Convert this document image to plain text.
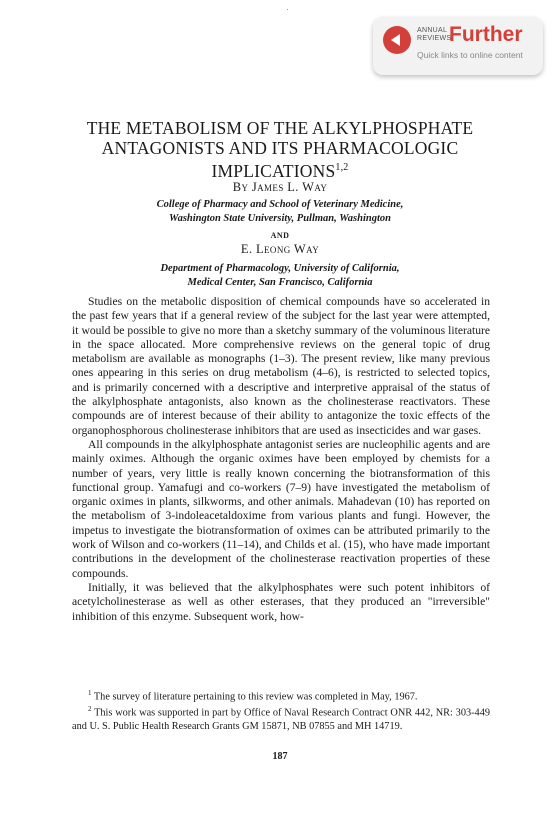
ANNUAL
REVIEWS
Further
Quick links to online content
THE METABOLISM OF THE ALKYLPHOSPHATE
ANTAGONISTS AND ITS PHARMACOLOGIC
IMPLICATIONS$^{1,2}$
By James L. Way
College of Pharmacy and School of Veterinary Medicine,
Washington State University, Pullman, Washington
AND
E. Leong Way
Department of Pharmacology, University of California,
Medical Center, San Francisco, California

Studies on the metabolic disposition of chemical compounds have so accelerated in the past few years that if a general review of the subject for the last year were attempted, it would be possible to give no more than a sketchy summary of the voluminous literature in the space allocated. More comprehensive reviews on the general topic of drug metabolism are available as monographs (1–3). The present review, like many previous ones appearing in this series on drug metabolism (4–6), is restricted to selected topics, and is primarily concerned with a descriptive and interpretive appraisal of the status of the alkylphosphate antagonists, also known as the cholinesterase reactivators. These compounds are of interest because of their ability to antagonize the toxic effects of the organophosphorous cholinesterase inhibitors that are used as insecticides and war gases.

All compounds in the alkylphosphate antagonist series are nucleophilic agents and are mainly oximes. Although the organic oximes have been employed by chemists for a number of years, very little is really known concerning the biotransformation of this functional group. Yamafugi and co-workers (7–9) have investigated the metabolism of organic oximes in plants, silkworms, and other animals. Mahadevan (10) has reported on the metabolism of 3-indoleacetaldoxime from various plants and fungi. However, the impetus to investigate the biotransformation of oximes can be attributed primarily to the work of Wilson and co-workers (11–14), and Childs et al. (15), who have made important contributions in the development of the cholinesterase reactivation properties of these compounds.

Initially, it was believed that the alkylphosphates were such potent inhibitors of acetylcholinesterase as well as other esterases, that they produced an "irreversible" inhibition of this enzyme. Subsequent work, how-

$^1$ The survey of literature pertaining to this review was completed in May, 1967.

$^2$ This work was supported in part by Office of Naval Research Contract ONR 442, NR: 303-449 and U. S. Public Health Research Grants GM 15871, NB 07855 and MH 14719.

187
